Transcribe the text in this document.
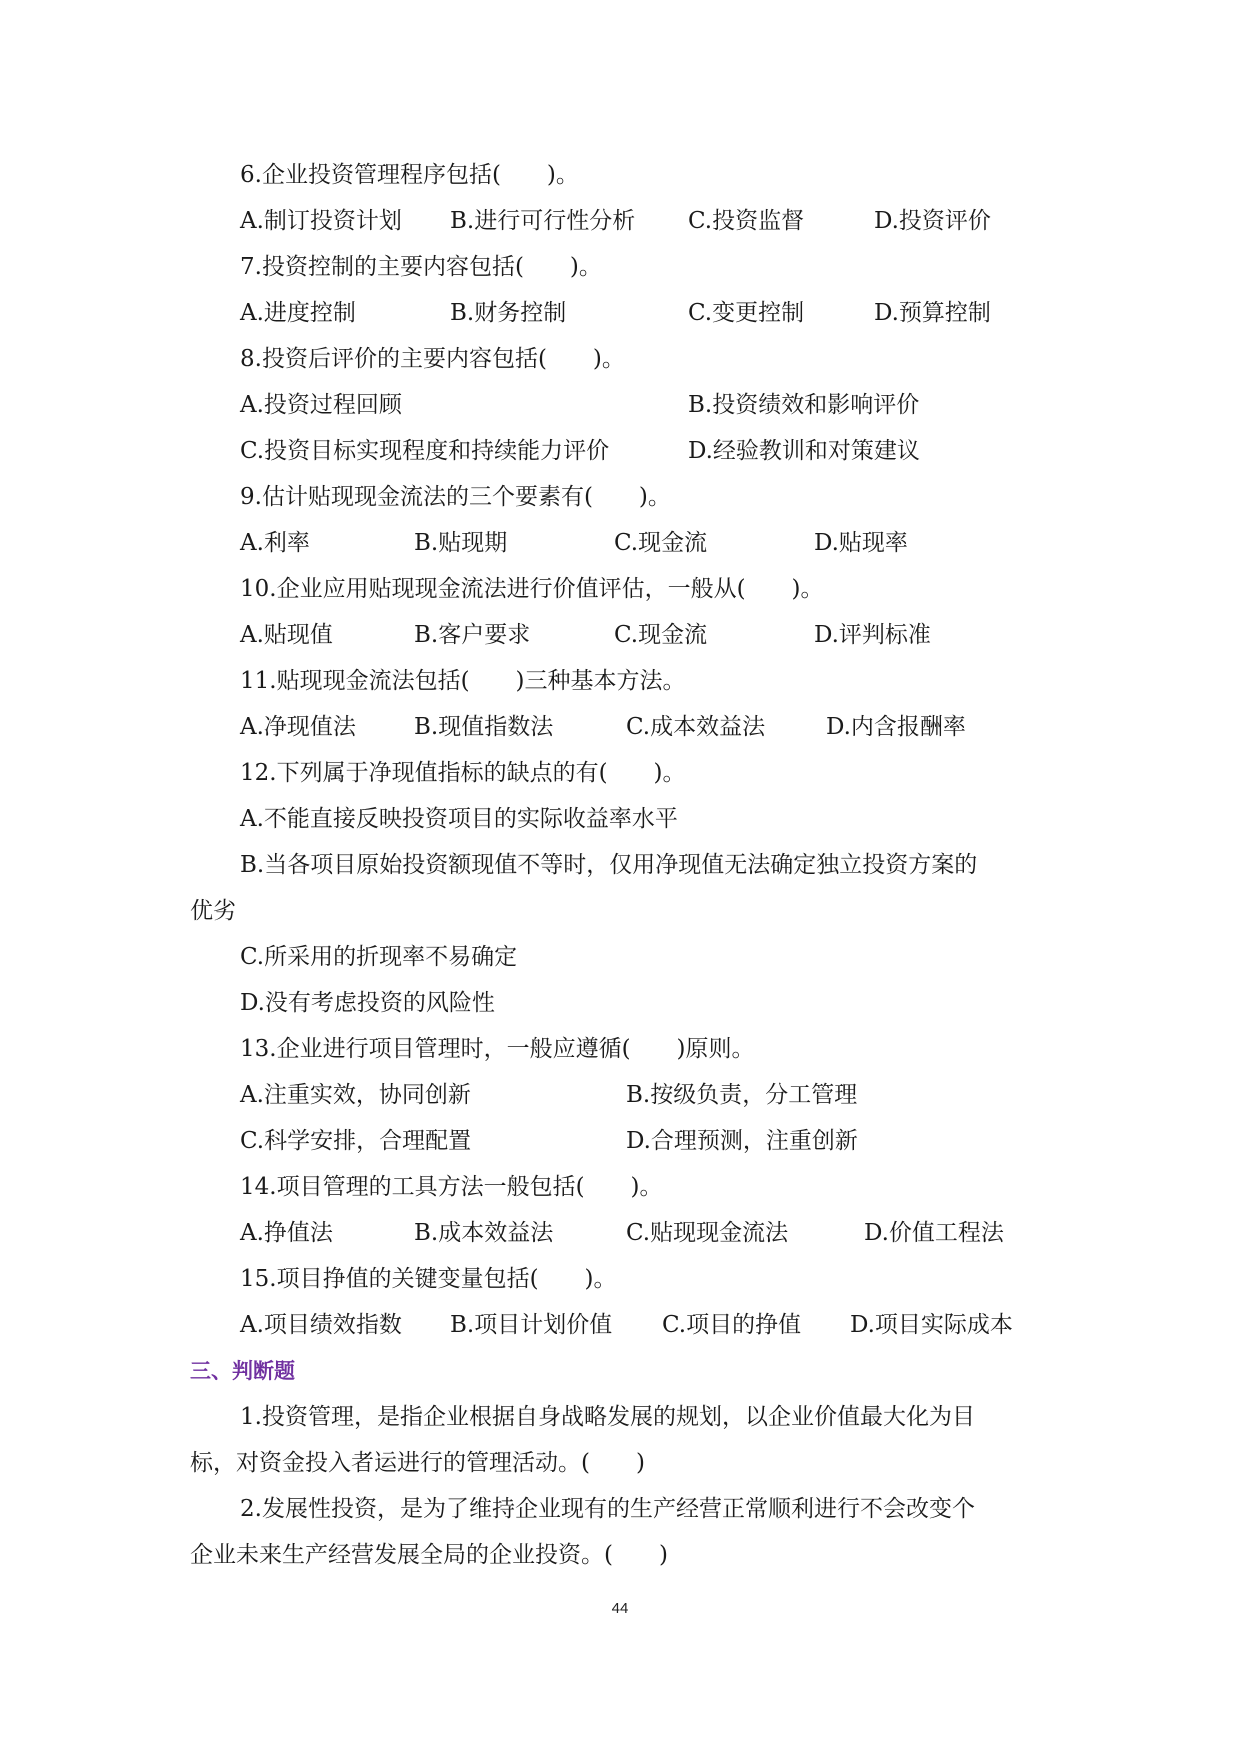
6.企业投资管理程序包括(　　)。
A.制订投资计划 B.进行可行性分析 C.投资监督	D.投资评价
7.投资控制的主要内容包括(　　)。
A.进度控制	B.财务控制	C.变更控制	D.预算控制
8.投资后评价的主要内容包括(　　)。
A.投资过程回顾	B.投资绩效和影响评价
C.投资目标实现程度和持续能力评价	D.经验教训和对策建议
9.估计贴现现金流法的三个要素有(　　)。
A.利率	B.贴现期	C.现金流	D.贴现率
10.企业应用贴现现金流法进行价值评估，一般从(　　)。
A.贴现值	B.客户要求	C.现金流	D.评判标准
11.贴现现金流法包括(　　)三种基本方法。
A.净现值法	B.现值指数法	C.成本效益法	D.内含报酬率
12.下列属于净现值指标的缺点的有(　　)。
A.不能直接反映投资项目的实际收益率水平
B.当各项目原始投资额现值不等时，仅用净现值无法确定独立投资方案的
优劣
C.所采用的折现率不易确定
D.没有考虑投资的风险性
13.企业进行项目管理时，一般应遵循(　　)原则。
A.注重实效，协同创新	B.按级负责，分工管理
C.科学安排，合理配置	D.合理预测，注重创新
14.项目管理的工具方法一般包括(　　)。
A.挣值法	B.成本效益法	C.贴现现金流法	D.价值工程法
15.项目挣值的关键变量包括(　　)。
A.项目绩效指数 B.项目计划价值 C.项目的挣值 D.项目实际成本
三、判断题
1.投资管理，是指企业根据自身战略发展的规划，以企业价值最大化为目
标，对资金投入者运进行的管理活动。(　　)
2.发展性投资，是为了维持企业现有的生产经营正常顺利进行不会改变个
企业未来生产经营发展全局的企业投资。(　　)
44
